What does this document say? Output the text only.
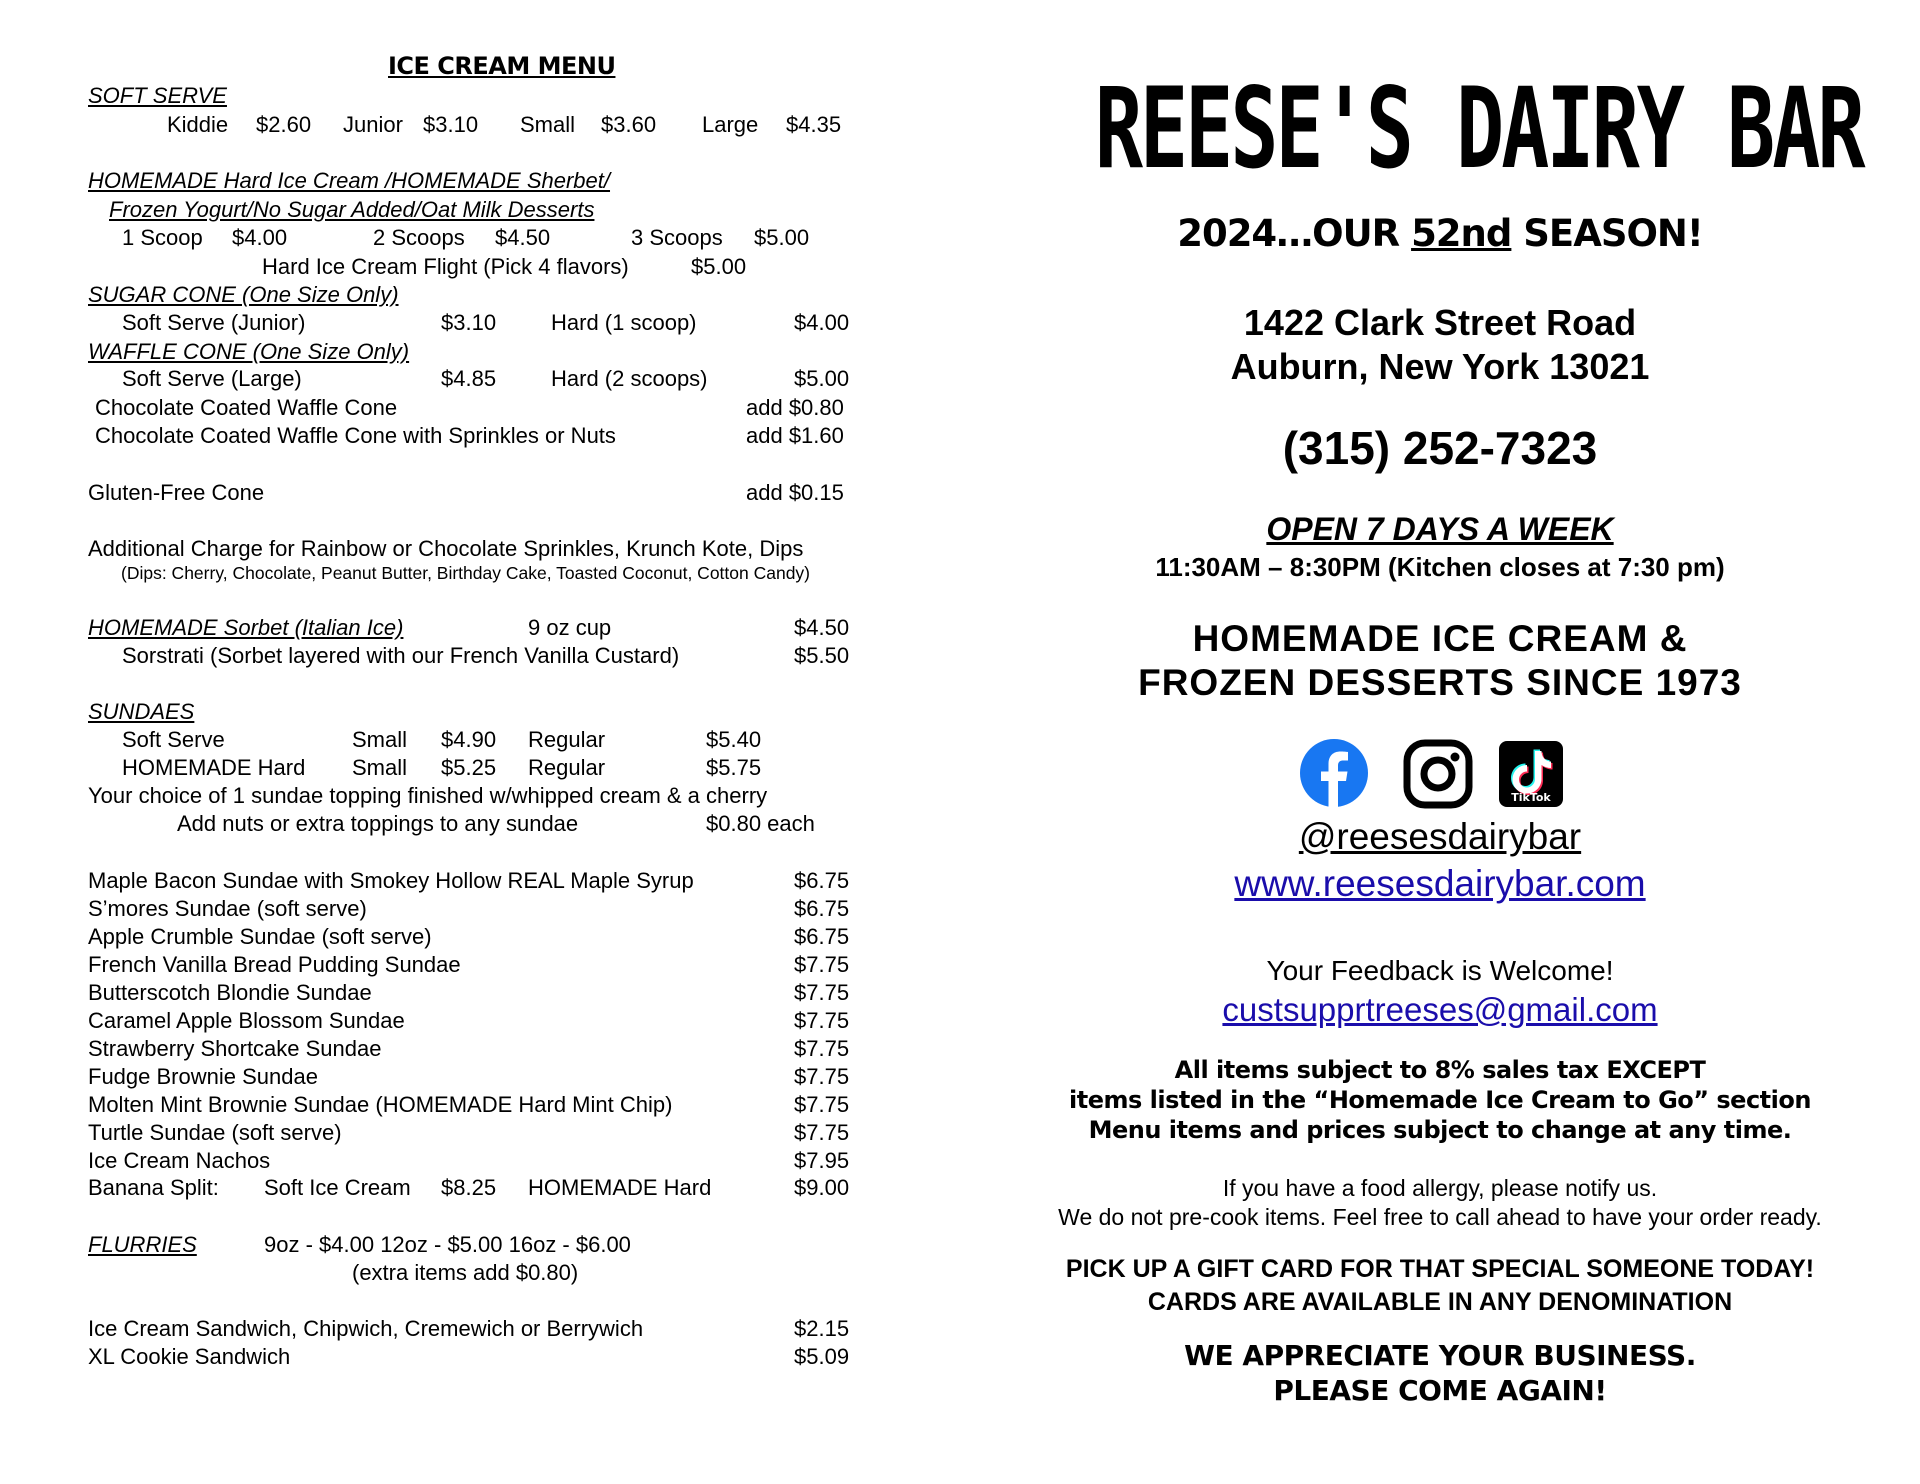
ICE CREAM MENU
SOFT SERVE
Kiddie $2.60 Junior $3.10 Small $3.60 Large $4.35
HOMEMADE Hard Ice Cream /HOMEMADE Sherbet/
Frozen Yogurt/No Sugar Added/Oat Milk Desserts
1 Scoop $4.00	2 Scoops $4.50	3 Scoops $5.00
Hard Ice Cream Flight (Pick 4 flavors)	$5.00
SUGAR CONE (One Size Only)
Soft Serve (Junior)	$3.10 Hard (1 scoop)	$4.00
WAFFLE CONE (One Size Only)
Soft Serve (Large)	$4.85 Hard (2 scoops)	$5.00
Chocolate Coated Waffle Cone	add $0.80
Chocolate Coated Waffle Cone with Sprinkles or Nuts	add $1.60
Gluten-Free Cone	add $0.15
Additional Charge for Rainbow or Chocolate Sprinkles, Krunch Kote, Dips
(Dips: Cherry, Chocolate, Peanut Butter, Birthday Cake, Toasted Coconut, Cotton Candy)
HOMEMADE Sorbet (Italian Ice)	9 oz cup	$4.50
Sorstrati (Sorbet layered with our French Vanilla Custard)	$5.50
SUNDAES
Soft Serve	Small $4.90 Regular	$5.40
HOMEMADE Hard Small $5.25 Regular	$5.75
Your choice of 1 sundae topping finished w/whipped cream & a cherry
Add nuts or extra toppings to any sundae	$0.80 each
Maple Bacon Sundae with Smokey Hollow REAL Maple Syrup	$6.75
S’mores Sundae (soft serve)	$6.75
Apple Crumble Sundae (soft serve)	$6.75
French Vanilla Bread Pudding Sundae	$7.75
Butterscotch Blondie Sundae	$7.75
Caramel Apple Blossom Sundae	$7.75
Strawberry Shortcake Sundae	$7.75
Fudge Brownie Sundae	$7.75
Molten Mint Brownie Sundae (HOMEMADE Hard Mint Chip)	$7.75
Turtle Sundae (soft serve)	$7.75
Ice Cream Nachos	$7.95
Banana Split: Soft Ice Cream $8.25 HOMEMADE Hard	$9.00
FLURRIES	9oz - $4.00 12oz - $5.00 16oz - $6.00
(extra items add $0.80)
Ice Cream Sandwich, Chipwich, Cremewich or Berrywich	$2.15
XL Cookie Sandwich	$5.09
REESE'S DAIRY BAR
2024…OUR 52nd SEASON!
1422 Clark Street Road
Auburn, New York 13021
(315) 252-7323
OPEN 7 DAYS A WEEK
11:30AM – 8:30PM (Kitchen closes at 7:30 pm)
HOMEMADE ICE CREAM &
FROZEN DESSERTS SINCE 1973
TikTok
@reesesdairybar
www.reesesdairybar.com
Your Feedback is Welcome!
custsupprtreeses@gmail.com
All items subject to 8% sales tax EXCEPT
items listed in the “Homemade Ice Cream to Go” section
Menu items and prices subject to change at any time.
If you have a food allergy, please notify us.
We do not pre-cook items. Feel free to call ahead to have your order ready.
PICK UP A GIFT CARD FOR THAT SPECIAL SOMEONE TODAY!
CARDS ARE AVAILABLE IN ANY DENOMINATION
WE APPRECIATE YOUR BUSINESS.
PLEASE COME AGAIN!
